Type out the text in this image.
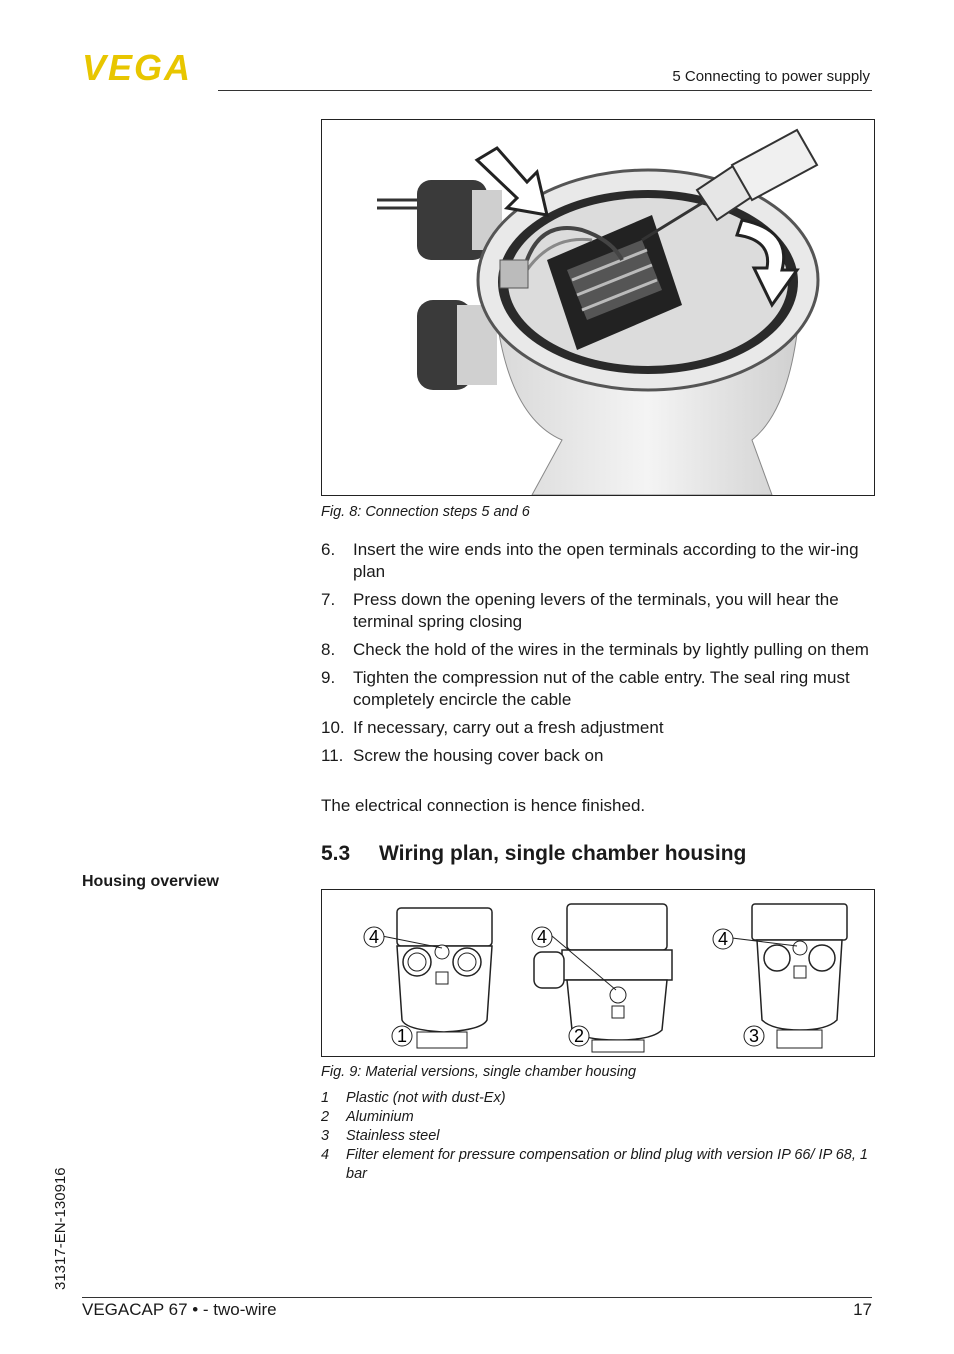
VEGA	5 Connecting to power supply
Fig. 8: Connection steps 5 and 6
6.	Insert the wire ends into the open terminals according to the wir-ing plan
7.	Press down the opening levers of the terminals, you will hear the terminal spring closing
8.	Check the hold of the wires in the terminals by lightly pulling on them
9.	Tighten the compression nut of the cable entry. The seal ring must completely encircle the cable
10. If necessary, carry out a fresh adjustment
11. Screw the housing cover back on
The electrical connection is hence finished.
5.3 Wiring plan, single chamber housing
Housing overview
4	4	4
1	2	3
Fig. 9: Material versions, single chamber housing
1	Plastic (not with dust-Ex)
2	Aluminium
3	Stainless steel
4	Filter element for pressure compensation or blind plug with version IP 66/ IP 68, 1 bar
31317-EN-130916
VEGACAP 67 • - two-wire	17
